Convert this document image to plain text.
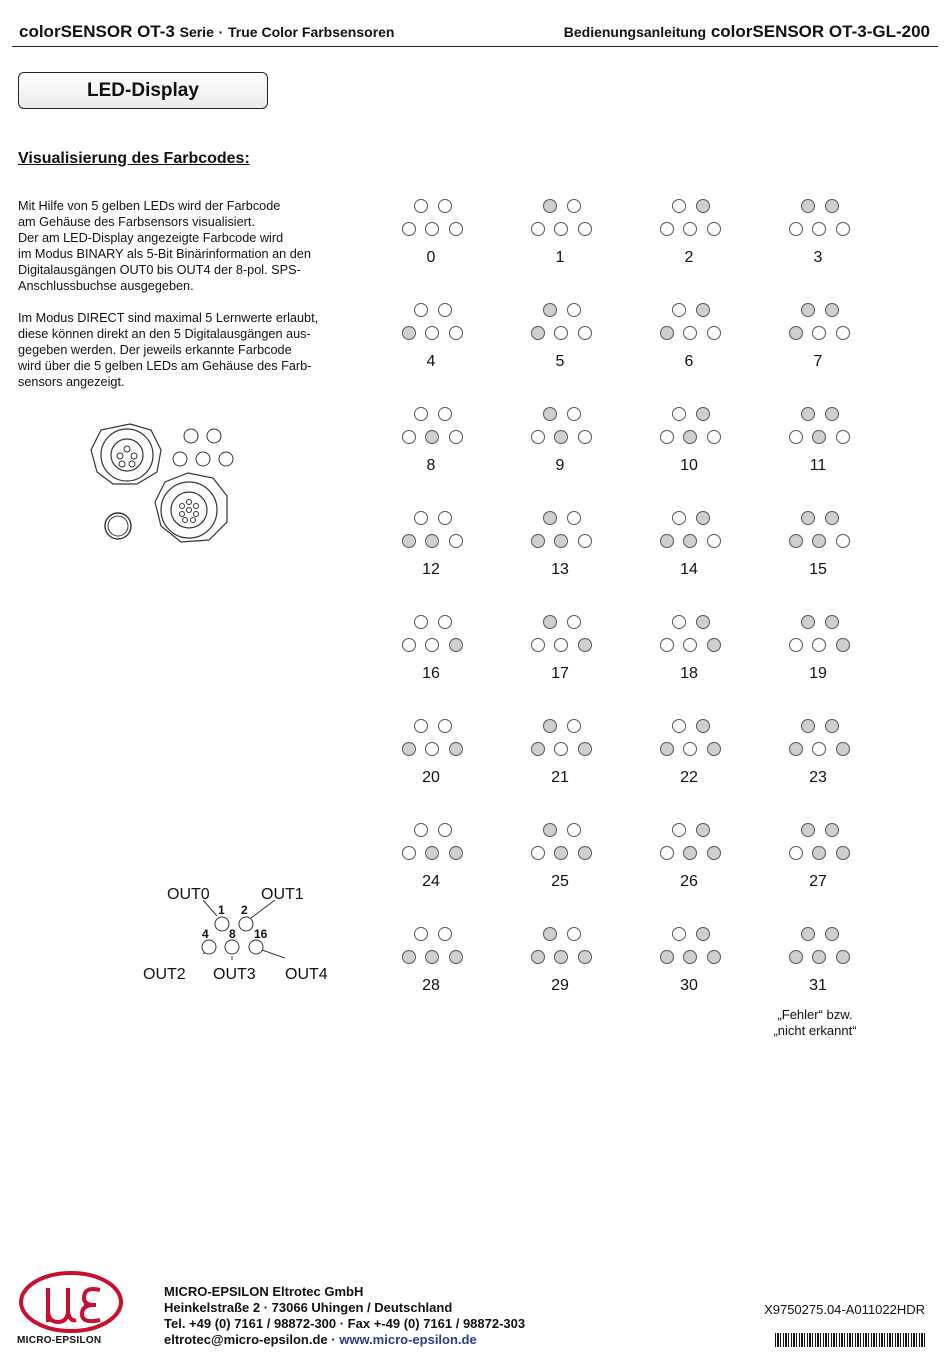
colorSENSOR OT-3 Serie · True Color Farbsensoren	Bedienungsanleitung colorSENSOR OT-3-GL-200
LED-Display
Visualisierung des Farbcodes:
Mit Hilfe von 5 gelben LEDs wird der Farbcode
am Gehäuse des Farbsensors visualisiert.
Der am LED-Display angezeigte Farbcode wird
im Modus BINARY als 5-Bit Binärinformation an den
Digitalausgängen OUT0 bis OUT4 der 8-pol. SPS-
Anschlussbuchse ausgegeben.
Im Modus DIRECT sind maximal 5 Lernwerte erlaubt,
diese können direkt an den 5 Digitalausgängen aus-
gegeben werden. Der jeweils erkannte Farbcode
wird über die 5 gelben LEDs am Gehäuse des Farb-
sensors angezeigt.
0	1	2	3
4	5	6	7
8	9	10	11
12	13	14	15
16	17	18	19
20	21	22	23
24	25	26	27
28	29	30	31
„Fehler“ bzw.
„nicht erkannt“
OUT0	OUT1
OUT2 OUT3 OUT4
1 2
4 8 16
MICRO-EPSILON
MICRO-EPSILON Eltrotec GmbH
Heinkelstraße 2 · 73066 Uhingen / Deutschland
Tel. +49 (0) 7161 / 98872-300 · Fax +-49 (0) 7161 / 98872-303
eltrotec@micro-epsilon.de · www.micro-epsilon.de
X9750275.04-A011022HDR
